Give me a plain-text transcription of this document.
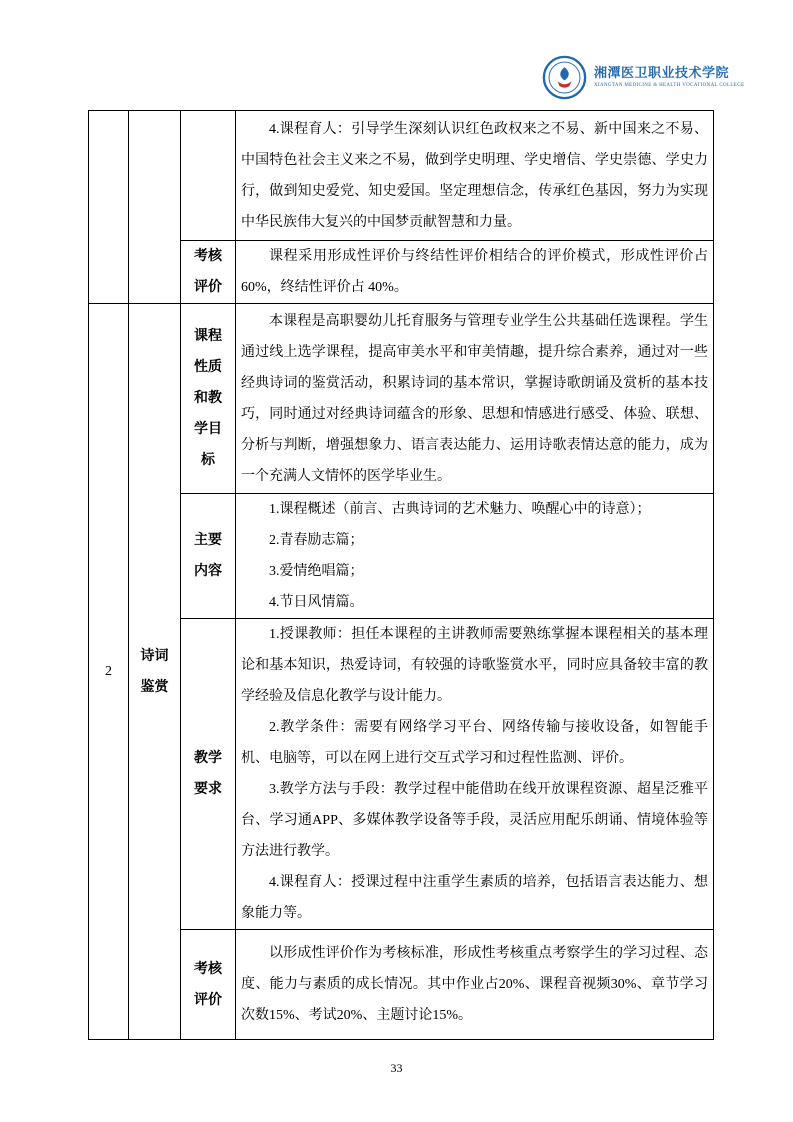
湘潭医卫职业技术学院
XIANGTAN MEDICINE & HEALTH VOCATIONAL COLLEGE

			4.课程育人：引导学生深刻认识红色政权来之不易、新中国来之不易、中国特色社会主义来之不易，做到学史明理、学史增信、学史崇德、学史力行，做到知史爱党、知史爱国。坚定理想信念，传承红色基因，努力为实现中华民族伟大复兴的中国梦贡献智慧和力量。

		考核评价	课程采用形成性评价与终结性评价相结合的评价模式，形成性评价占 60%，终结性评价占 40%。

2	诗词鉴赏	课程性质和教学目标	本课程是高职婴幼儿托育服务与管理专业学生公共基础任选课程。学生通过线上选学课程，提高审美水平和审美情趣，提升综合素养，通过对一些经典诗词的鉴赏活动，积累诗词的基本常识，掌握诗歌朗诵及赏析的基本技巧，同时通过对经典诗词蕴含的形象、思想和情感进行感受、体验、联想、分析与判断，增强想象力、语言表达能力、运用诗歌表情达意的能力，成为一个充满人文情怀的医学毕业生。

		主要内容	1.课程概述（前言、古典诗词的艺术魅力、唤醒心中的诗意）；

2.青春励志篇；

3.爱情绝唱篇；

4.节日风情篇。

		教学要求	1.授课教师：担任本课程的主讲教师需要熟练掌握本课程相关的基本理论和基本知识，热爱诗词，有较强的诗歌鉴赏水平，同时应具备较丰富的教学经验及信息化教学与设计能力。

2.教学条件：需要有网络学习平台、网络传输与接收设备，如智能手机、电脑等，可以在网上进行交互式学习和过程性监测、评价。

3.教学方法与手段：教学过程中能借助在线开放课程资源、超星泛雅平台、学习通APP、多媒体教学设备等手段，灵活应用配乐朗诵、情境体验等方法进行教学。

4.课程育人：授课过程中注重学生素质的培养，包括语言表达能力、想象能力等。

		考核评价	以形成性评价作为考核标准，形成性考核重点考察学生的学习过程、态度、能力与素质的成长情况。其中作业占20%、课程音视频30%、章节学习次数15%、考试20%、主题讨论15%。

33
